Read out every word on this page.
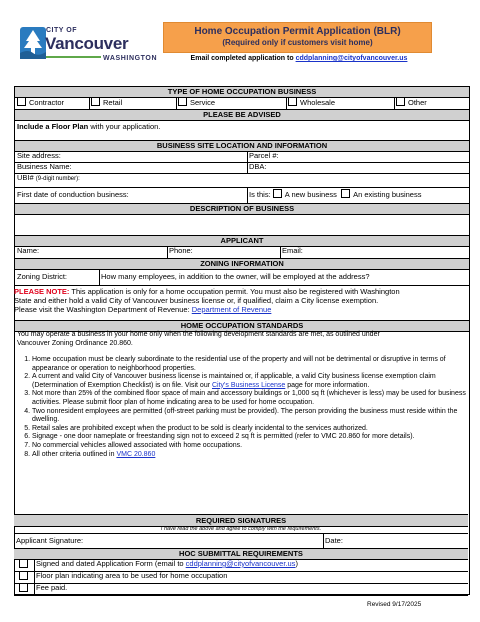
CITY OF
Vancouver
WASHINGTON
Home Occupation Permit Application (BLR)
(Required only if customers visit home)
Email completed application to cddplanning@cityofvancouver.us
TYPE OF HOME OCCUPATION BUSINESS
Contractor	Retail	Service	Wholesale	Other
PLEASE BE ADVISED
Include a Floor Plan with your application.
BUSINESS SITE LOCATION AND INFORMATION
Site address:	Parcel #:
Business Name:	DBA:
UBI# (9-digit number):
First date of conduction business:	Is this: A new business An existing business
DESCRIPTION OF BUSINESS
APPLICANT
Name:	Phone:	Email:
ZONING INFORMATION
Zoning District:	How many employees, in addition to the owner, will be employed at the address?
PLEASE NOTE: This application is only for a home occupation permit. You must also be registered with Washington
State and either hold a valid City of Vancouver business license or, if qualified, claim a City license exemption.
Please visit the Washington Department of Revenue: Department of Revenue
HOME OCCUPATION STANDARDS
You may operate a business in your home only when the following development standards are met, as outlined under
Vancouver Zoning Ordinance 20.860.
1. Home occupation must be clearly subordinate to the residential use of the property and will not be detrimental or disruptive in terms of appearance or operation to neighborhood properties.
2. A current and valid City of Vancouver business license is maintained or, if applicable, a valid City business license exemption claim (Determination of Exemption Checklist) is on file. Visit our City's Business License page for more information.
3. Not more than 25% of the combined floor space of main and accessory buildings or 1,000 sq ft (whichever is less) may be used for business activities. Please submit floor plan of home indicating area to be used for home occupation.
4. Two nonresident employees are permitted (off-street parking must be provided). The person providing the business must reside within the dwelling.
5. Retail sales are prohibited except when the product to be sold is clearly incidental to the services authorized.
6. Signage - one door nameplate or freestanding sign not to exceed 2 sq ft is permitted (refer to VMC 20.860 for more details).
7. No commercial vehicles allowed associated with home occupations.
8. All other criteria outlined in VMC 20.860
REQUIRED SIGNATURES
I have read the above and agree to comply with the requirements.
Applicant Signature:	Date:
HOC SUBMITTAL REQUIREMENTS
Signed and dated Application Form (email to cddplanning@cityofvancouver.us)
Floor plan indicating area to be used for home occupation
Fee paid.
Revised 9/17/2025
